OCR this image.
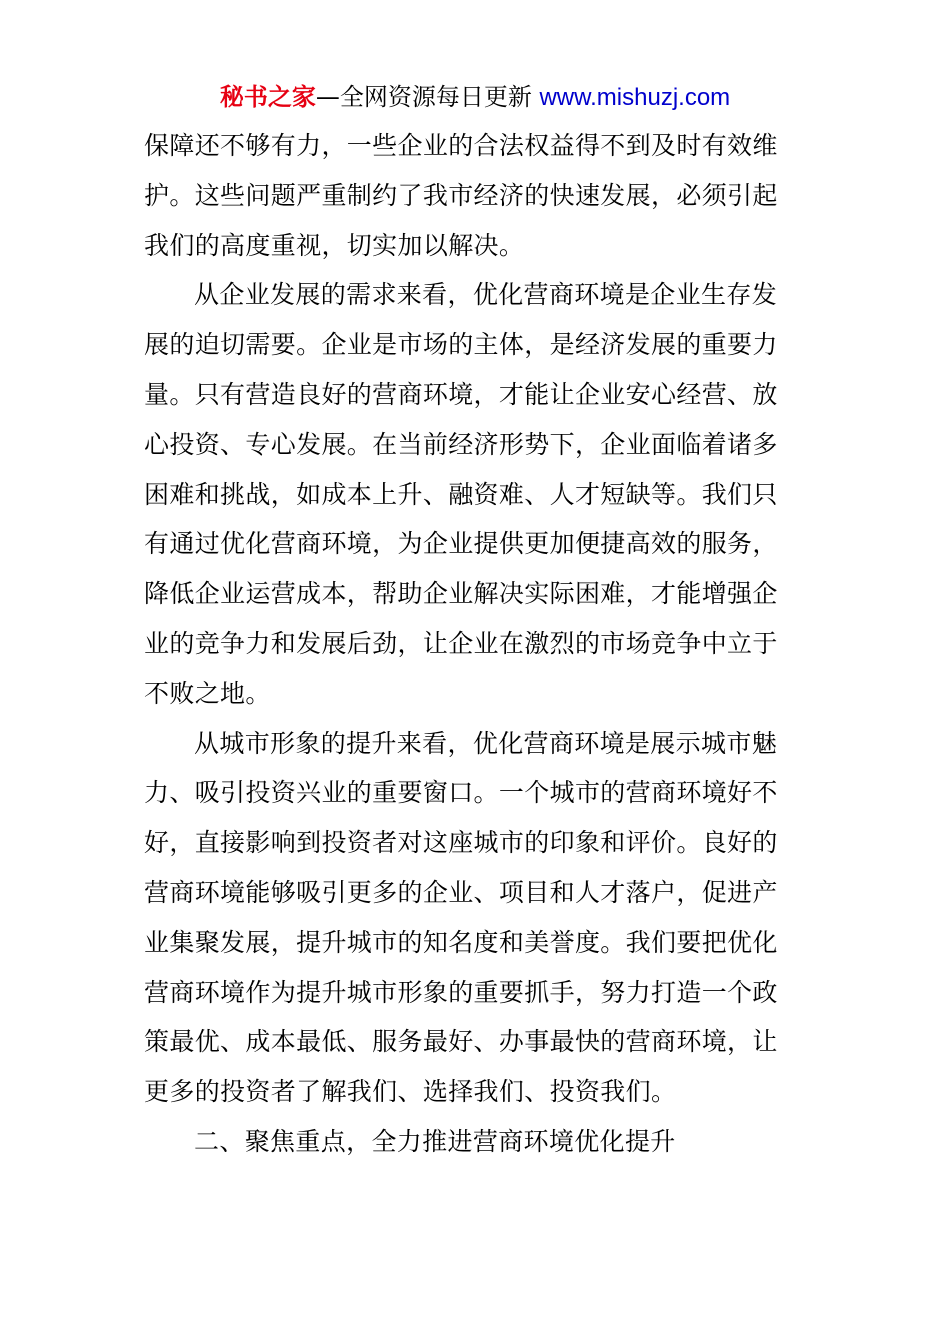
秘书之家—全网资源每日更新 www.mishuzj.com
保障还不够有力，一些企业的合法权益得不到及时有效维
护。这些问题严重制约了我市经济的快速发展，必须引起
我们的高度重视，切实加以解决。
从企业发展的需求来看，优化营商环境是企业生存发
展的迫切需要。企业是市场的主体，是经济发展的重要力
量。只有营造良好的营商环境，才能让企业安心经营、放
心投资、专心发展。在当前经济形势下，企业面临着诸多
困难和挑战，如成本上升、融资难、人才短缺等。我们只
有通过优化营商环境，为企业提供更加便捷高效的服务，
降低企业运营成本，帮助企业解决实际困难，才能增强企
业的竞争力和发展后劲，让企业在激烈的市场竞争中立于
不败之地。
从城市形象的提升来看，优化营商环境是展示城市魅
力、吸引投资兴业的重要窗口。一个城市的营商环境好不
好，直接影响到投资者对这座城市的印象和评价。良好的
营商环境能够吸引更多的企业、项目和人才落户，促进产
业集聚发展，提升城市的知名度和美誉度。我们要把优化
营商环境作为提升城市形象的重要抓手，努力打造一个政
策最优、成本最低、服务最好、办事最快的营商环境，让
更多的投资者了解我们、选择我们、投资我们。
二、聚焦重点，全力推进营商环境优化提升
